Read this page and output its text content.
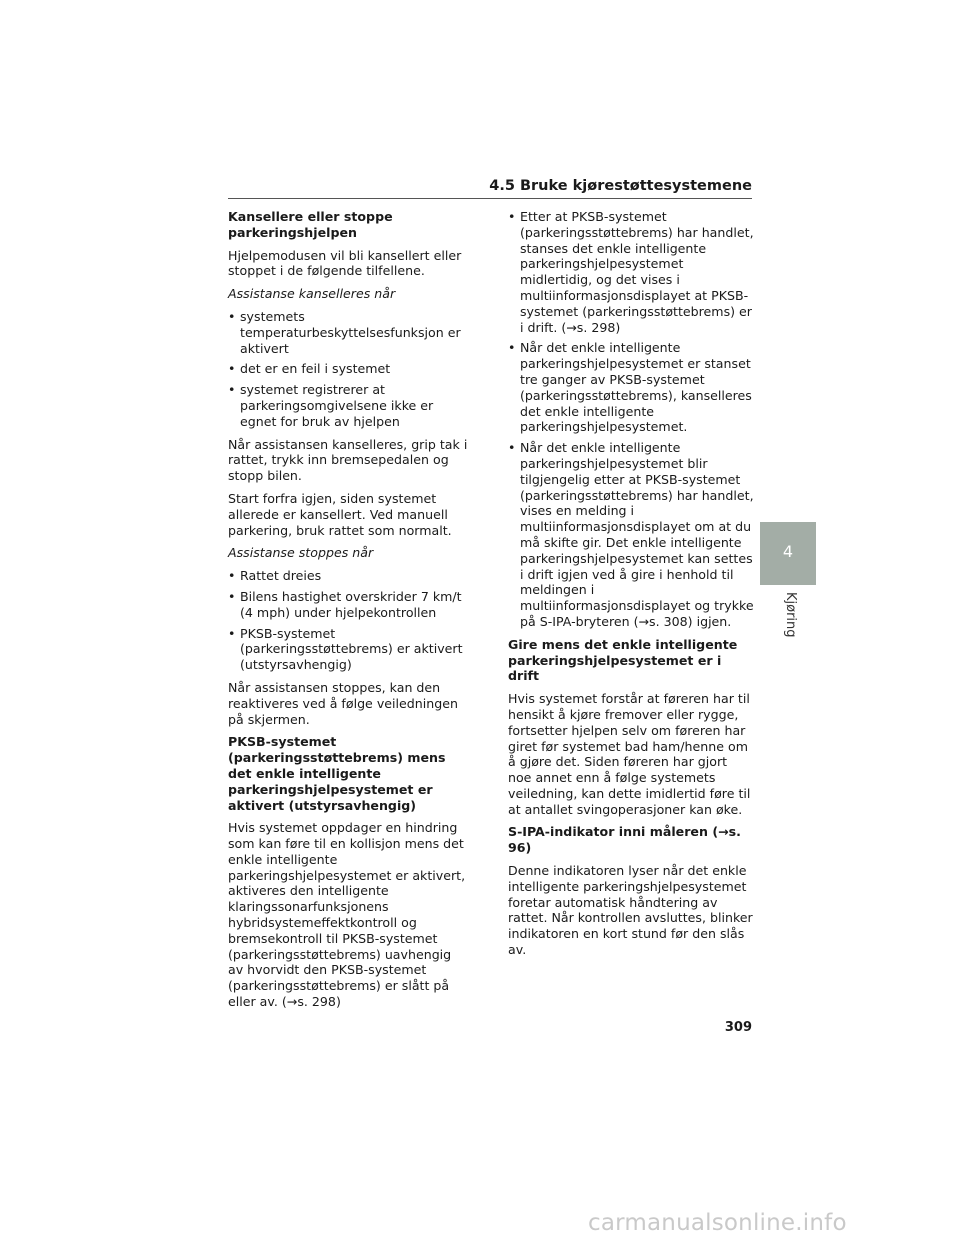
4.5 Bruke kjørestøttesystemene
Kansellere eller stoppe parkeringshjelpen

Hjelpemodusen vil bli kansellert eller stoppet i de følgende tilfellene.

Assistanse kanselleres når

• systemets temperaturbeskyttelsesfunksjon er aktivert
• det er en feil i systemet
• systemet registrerer at parkeringsomgivelsene ikke er egnet for bruk av hjelpen

Når assistansen kanselleres, grip tak i rattet, trykk inn bremsepedalen og stopp bilen.

Start forfra igjen, siden systemet allerede er kansellert. Ved manuell parkering, bruk rattet som normalt.

Assistanse stoppes når

• Rattet dreies
• Bilens hastighet overskrider 7 km/t (4 mph) under hjelpekontrollen
• PKSB-systemet (parkeringsstøttebrems) er aktivert (utstyrsavhengig)

Når assistansen stoppes, kan den reaktiveres ved å følge veiledningen på skjermen.

PKSB-systemet (parkeringsstøttebrems) mens det enkle intelligente parkeringshjelpesystemet er aktivert (utstyrsavhengig)

Hvis systemet oppdager en hindring som kan føre til en kollisjon mens det enkle intelligente parkeringshjelpesystemet er aktivert, aktiveres den intelligente klaringssonarfunksjonens hybridsystemeffektkontroll og bremsekontroll til PKSB-systemet (parkeringsstøttebrems) uavhengig av hvorvidt den PKSB-systemet (parkeringsstøttebrems) er slått på eller av. (→s. 298)

• Etter at PKSB-systemet (parkeringsstøttebrems) har handlet, stanses det enkle intelligente parkeringshjelpesystemet midlertidig, og det vises i multiinformasjonsdisplayet at PKSB-systemet (parkeringsstøttebrems) er i drift. (→s. 298)
• Når det enkle intelligente parkeringshjelpesystemet er stanset tre ganger av PKSB-systemet (parkeringsstøttebrems), kanselleres det enkle intelligente parkeringshjelpesystemet.
• Når det enkle intelligente parkeringshjelpesystemet blir tilgjengelig etter at PKSB-systemet (parkeringsstøttebrems) har handlet, vises en melding i multiinformasjonsdisplayet om at du må skifte gir. Det enkle intelligente parkeringshjelpesystemet kan settes i drift igjen ved å gire i henhold til meldingen i multiinformasjonsdisplayet og trykke på S-IPA-bryteren (→s. 308) igjen.
Gire mens det enkle intelligente parkeringshjelpesystemet er i drift

Hvis systemet forstår at føreren har til hensikt å kjøre fremover eller rygge, fortsetter hjelpen selv om føreren har giret før systemet bad ham/henne om å gjøre det. Siden føreren har gjort noe annet enn å følge systemets veiledning, kan dette imidlertid føre til at antallet svingoperasjoner kan øke.

S-IPA-indikator inni måleren (→s. 96)

Denne indikatoren lyser når det enkle intelligente parkeringshjelpesystemet foretar automatisk håndtering av rattet. Når kontrollen avsluttes, blinker indikatoren en kort stund før den slås av.

4
Kjøring
309
carmanualsonline.info
